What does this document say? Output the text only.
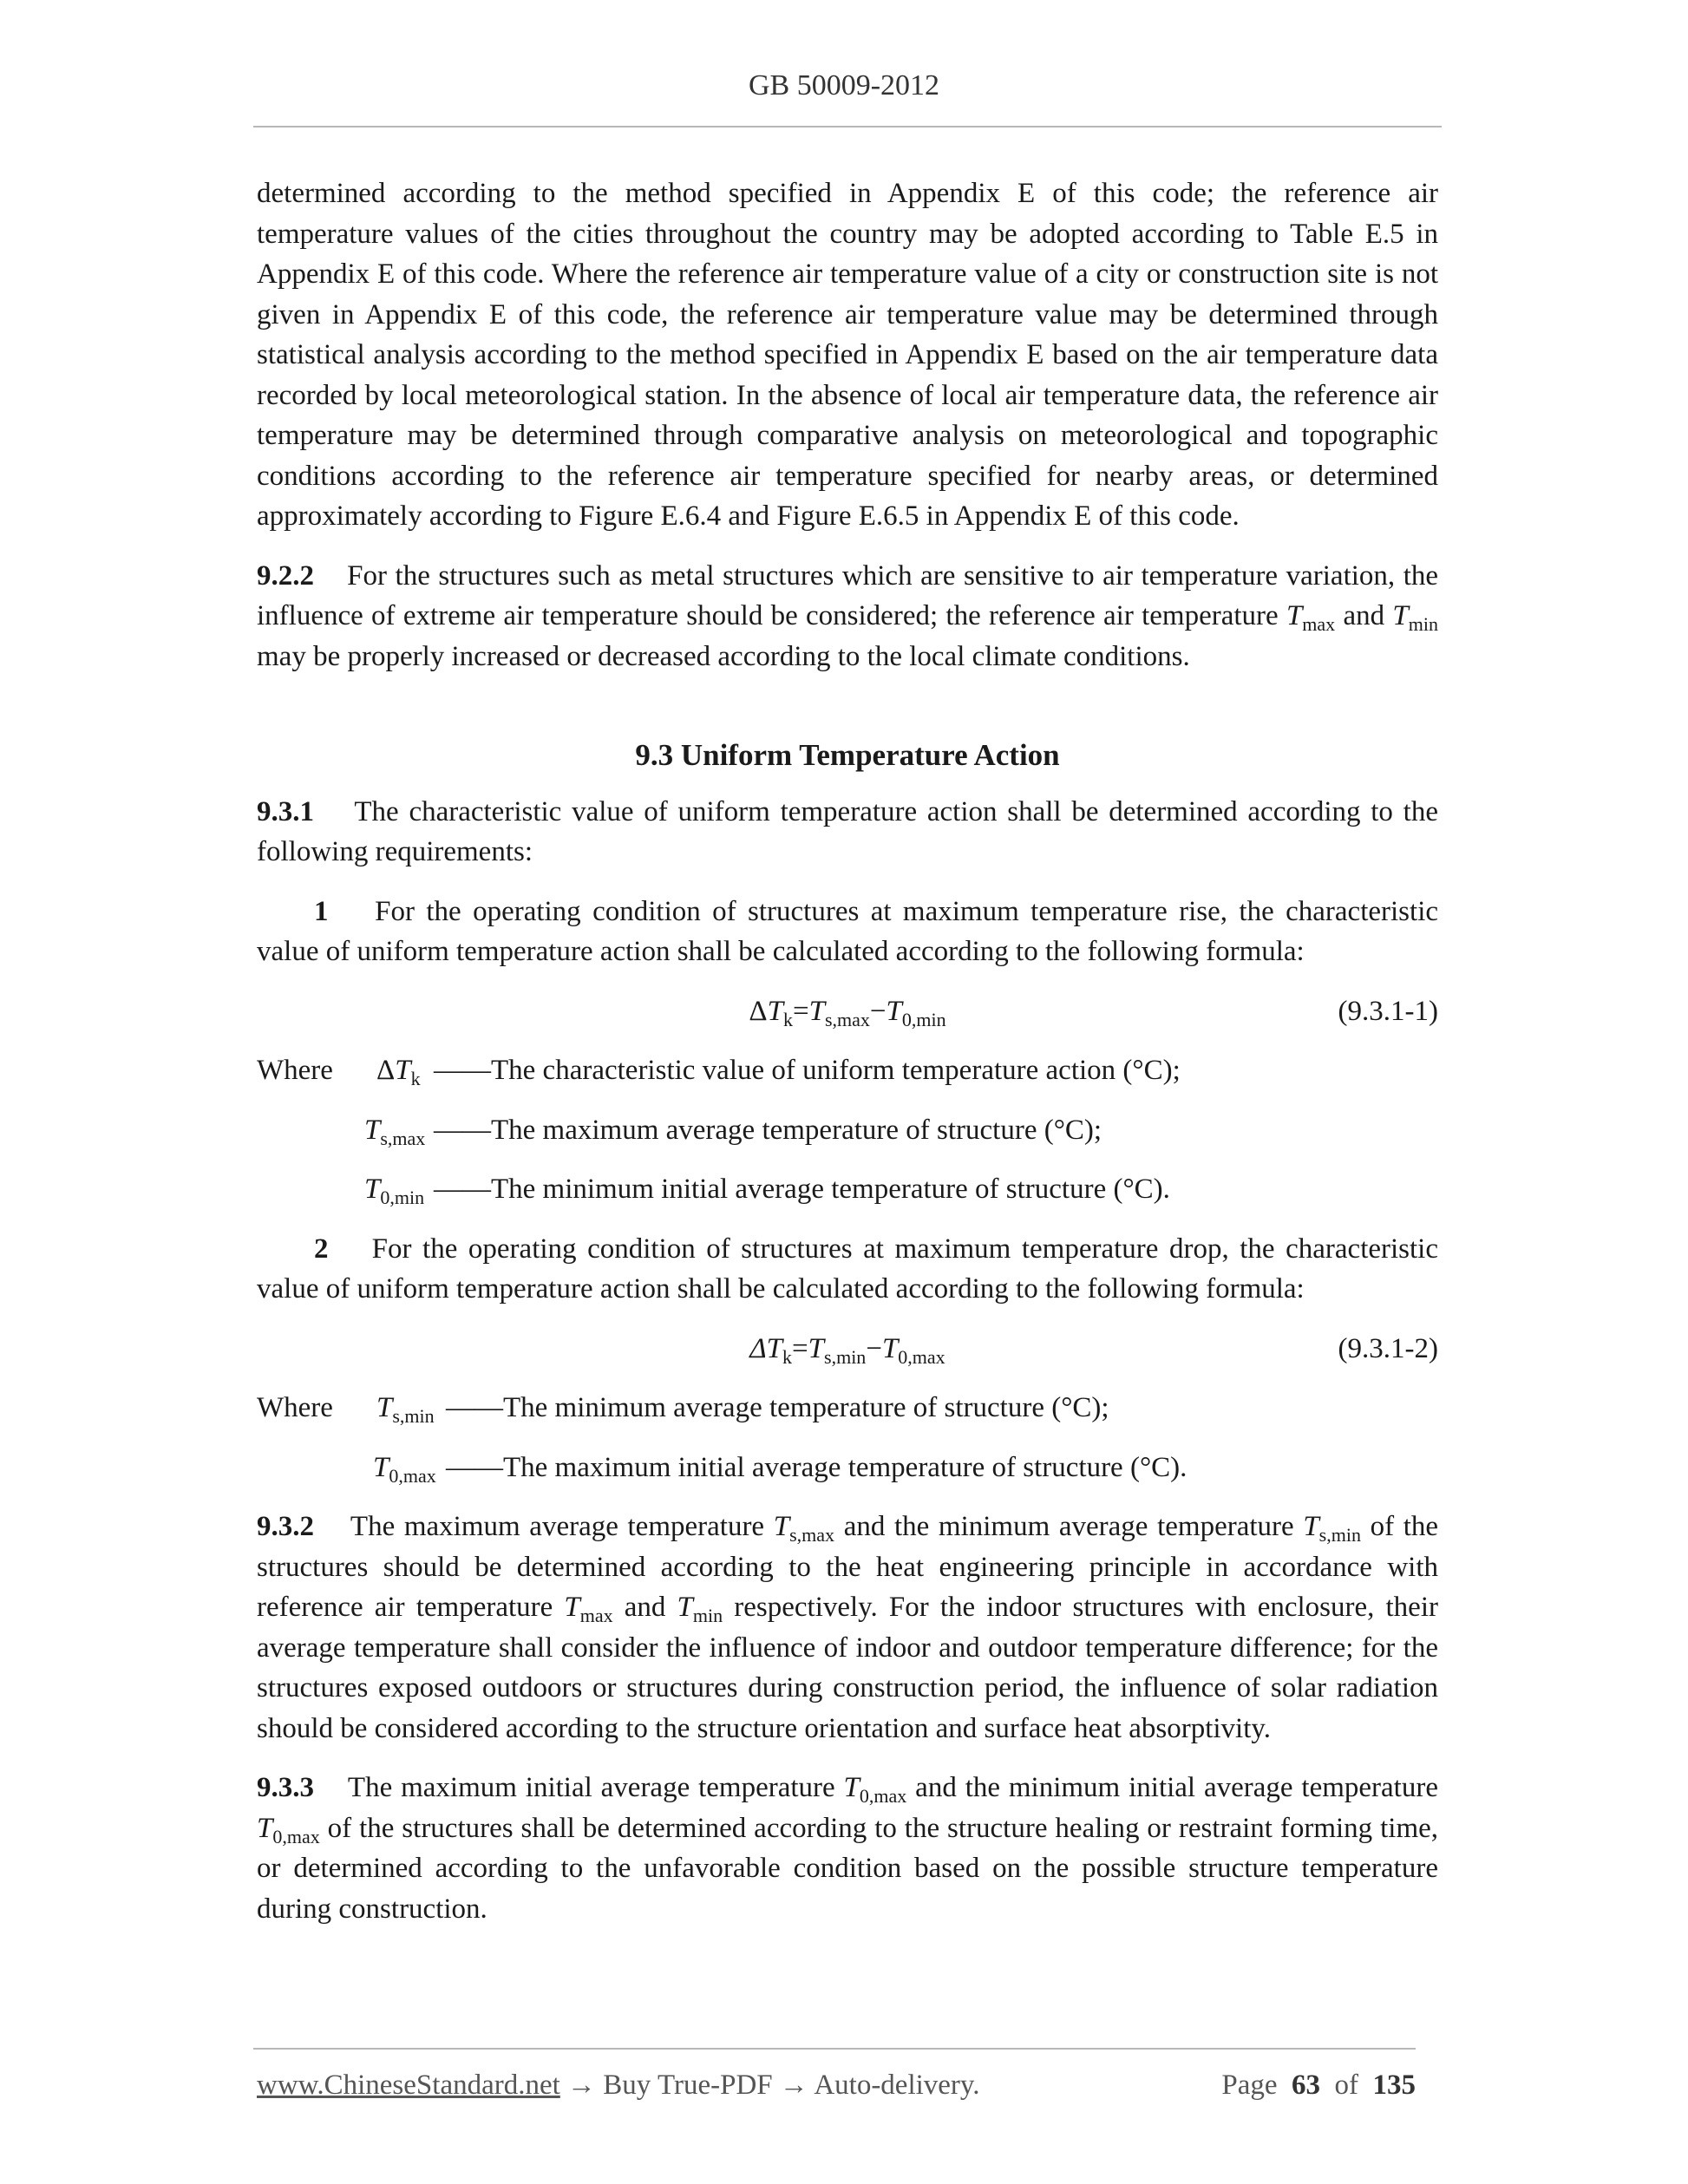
GB 50009-2012

determined according to the method specified in Appendix E of this code; the reference air temperature values of the cities throughout the country may be adopted according to Table E.5 in Appendix E of this code. Where the reference air temperature value of a city or construction site is not given in Appendix E of this code, the reference air temperature value may be determined through statistical analysis according to the method specified in Appendix E based on the air temperature data recorded by local meteorological station. In the absence of local air temperature data, the reference air temperature may be determined through comparative analysis on meteorological and topographic conditions according to the reference air temperature specified for nearby areas, or determined approximately according to Figure E.6.4 and Figure E.6.5 in Appendix E of this code.

9.2.2 For the structures such as metal structures which are sensitive to air temperature variation, the influence of extreme air temperature should be considered; the reference air temperature $T_{max}$ and $T_{min}$ may be properly increased or decreased according to the local climate conditions.

9.3 Uniform Temperature Action

9.3.1 The characteristic value of uniform temperature action shall be determined according to the following requirements:

1 For the operating condition of structures at maximum temperature rise, the characteristic value of uniform temperature action shall be calculated according to the following formula:

$\Delta T_k=T_{s,max}-T_{0,min}$	(9.3.1-1)
Where $\Delta T_k$ ——The characteristic value of uniform temperature action (°C);
$T_{s,max}$ ——The maximum average temperature of structure (°C);
$T_{0,min}$ ——The minimum initial average temperature of structure (°C).

2 For the operating condition of structures at maximum temperature drop, the characteristic value of uniform temperature action shall be calculated according to the following formula:

$\Delta T_k=T_{s,min}-T_{0,max}$	(9.3.1-2)
Where $T_{s,min}$ ——The minimum average temperature of structure (°C);
$T_{0,max}$ ——The maximum initial average temperature of structure (°C).

9.3.2 The maximum average temperature $T_{s,max}$ and the minimum average temperature $T_{s,min}$ of the structures should be determined according to the heat engineering principle in accordance with reference air temperature $T_{max}$ and $T_{min}$ respectively. For the indoor structures with enclosure, their average temperature shall consider the influence of indoor and outdoor temperature difference; for the structures exposed outdoors or structures during construction period, the influence of solar radiation should be considered according to the structure orientation and surface heat absorptivity.

9.3.3 The maximum initial average temperature $T_{0,max}$ and the minimum initial average temperature $T_{0,max}$ of the structures shall be determined according to the structure healing or restraint forming time, or determined according to the unfavorable condition based on the possible structure temperature during construction.

www.ChineseStandard.net → Buy True-PDF → Auto-delivery.	Page 63 of 135
